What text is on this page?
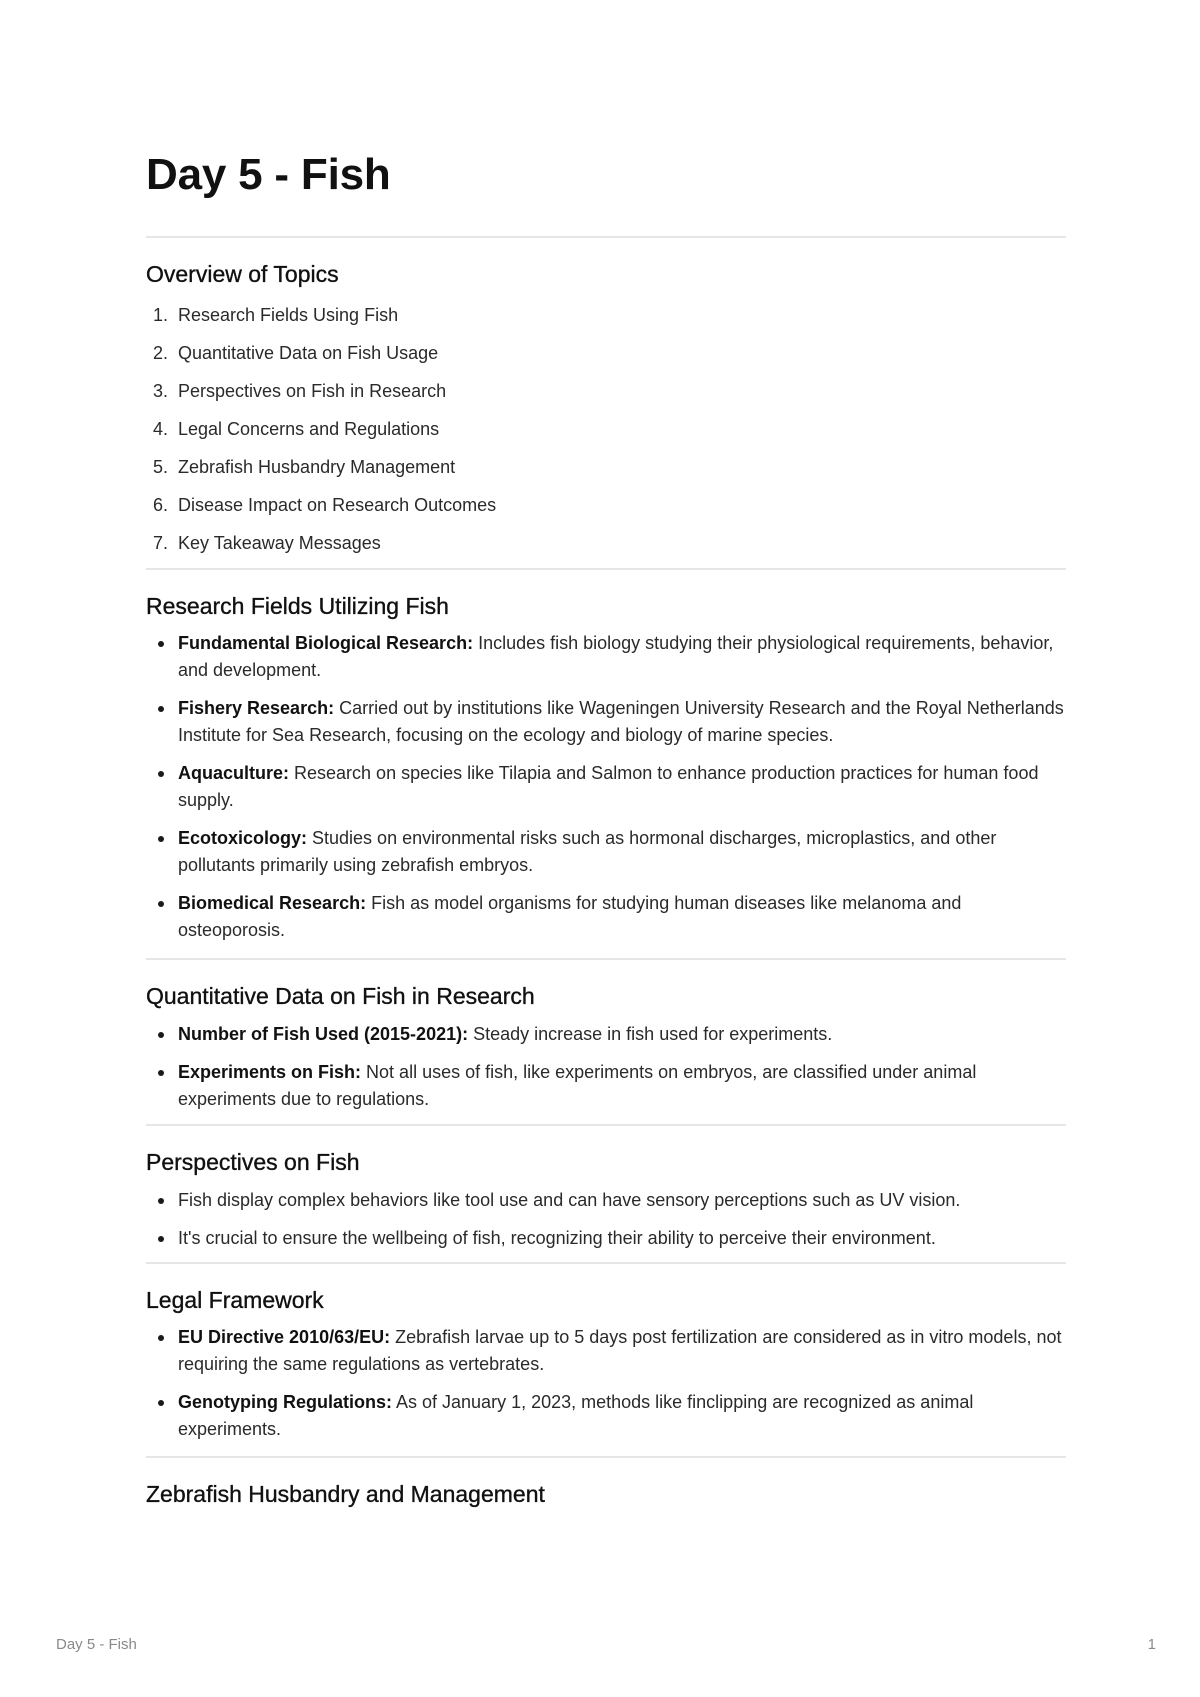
Day 5 - Fish
Overview of Topics
1. Research Fields Using Fish
2. Quantitative Data on Fish Usage
3. Perspectives on Fish in Research
4. Legal Concerns and Regulations
5. Zebrafish Husbandry Management
6. Disease Impact on Research Outcomes
7. Key Takeaway Messages
Research Fields Utilizing Fish
Fundamental Biological Research: Includes fish biology studying their physiological requirements, behavior, and development.
Fishery Research: Carried out by institutions like Wageningen University Research and the Royal Netherlands Institute for Sea Research, focusing on the ecology and biology of marine species.
Aquaculture: Research on species like Tilapia and Salmon to enhance production practices for human food supply.
Ecotoxicology: Studies on environmental risks such as hormonal discharges, microplastics, and other pollutants primarily using zebrafish embryos.
Biomedical Research: Fish as model organisms for studying human diseases like melanoma and osteoporosis.
Quantitative Data on Fish in Research
Number of Fish Used (2015-2021): Steady increase in fish used for experiments.
Experiments on Fish: Not all uses of fish, like experiments on embryos, are classified under animal experiments due to regulations.
Perspectives on Fish
Fish display complex behaviors like tool use and can have sensory perceptions such as UV vision.
It's crucial to ensure the wellbeing of fish, recognizing their ability to perceive their environment.
Legal Framework
EU Directive 2010/63/EU: Zebrafish larvae up to 5 days post fertilization are considered as in vitro models, not requiring the same regulations as vertebrates.
Genotyping Regulations: As of January 1, 2023, methods like finclipping are recognized as animal experiments.
Zebrafish Husbandry and Management
Day 5 - Fish	1
